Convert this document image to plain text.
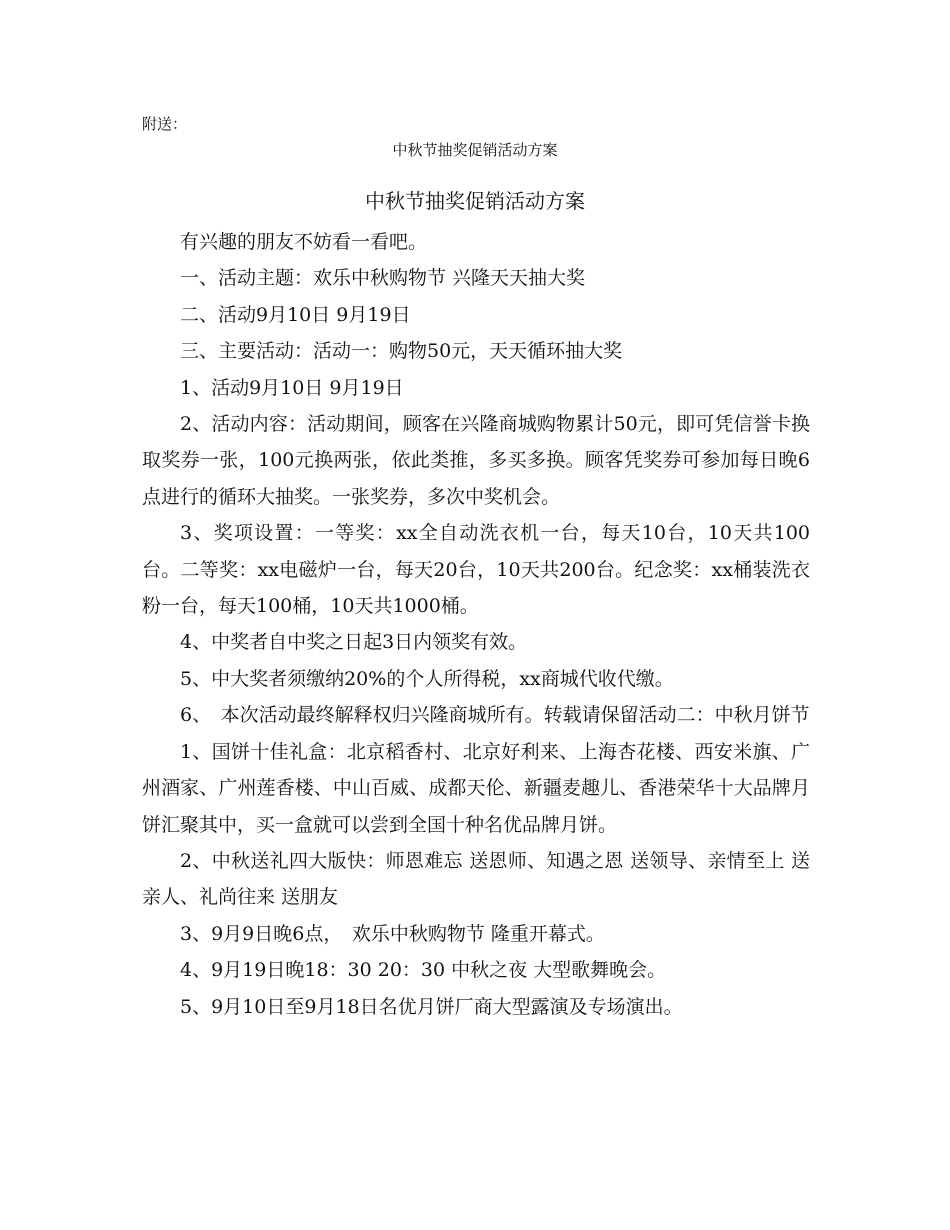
附送：
中秋节抽奖促销活动方案
中秋节抽奖促销活动方案

有兴趣的朋友不妨看一看吧。

一、活动主题：欢乐中秋购物节 兴隆天天抽大奖

二、活动9月10日 9月19日

三、主要活动：活动一：购物50元，天天循环抽大奖

1、活动9月10日 9月19日

2、活动内容：活动期间，顾客在兴隆商城购物累计50元，即可凭信誉卡换取奖券一张，100元换两张，依此类推，多买多换。顾客凭奖券可参加每日晚6点进行的循环大抽奖。一张奖券，多次中奖机会。

3、奖项设置：一等奖：xx全自动洗衣机一台，每天10台，10天共100台。二等奖：xx电磁炉一台，每天20台，10天共200台。纪念奖：xx桶装洗衣粉一台，每天100桶，10天共1000桶。

4、中奖者自中奖之日起3日内领奖有效。

5、中大奖者须缴纳20%的个人所得税，xx商城代收代缴。

6、　本次活动最终解释权归兴隆商城所有。转载请保留活动二：中秋月饼节

1、国饼十佳礼盒：北京稻香村、北京好利来、上海杏花楼、西安米旗、广州酒家、广州莲香楼、中山百威、成都天伦、新疆麦趣儿、香港荣华十大品牌月饼汇聚其中，买一盒就可以尝到全国十种名优品牌月饼。

2、中秋送礼四大版快：师恩难忘 送恩师、知遇之恩 送领导、亲情至上 送亲人、礼尚往来 送朋友

3、9月9日晚6点，　欢乐中秋购物节 隆重开幕式。

4、9月19日晚18：30 20：30 中秋之夜 大型歌舞晚会。

5、9月10日至9月18日名优月饼厂商大型露演及专场演出。
